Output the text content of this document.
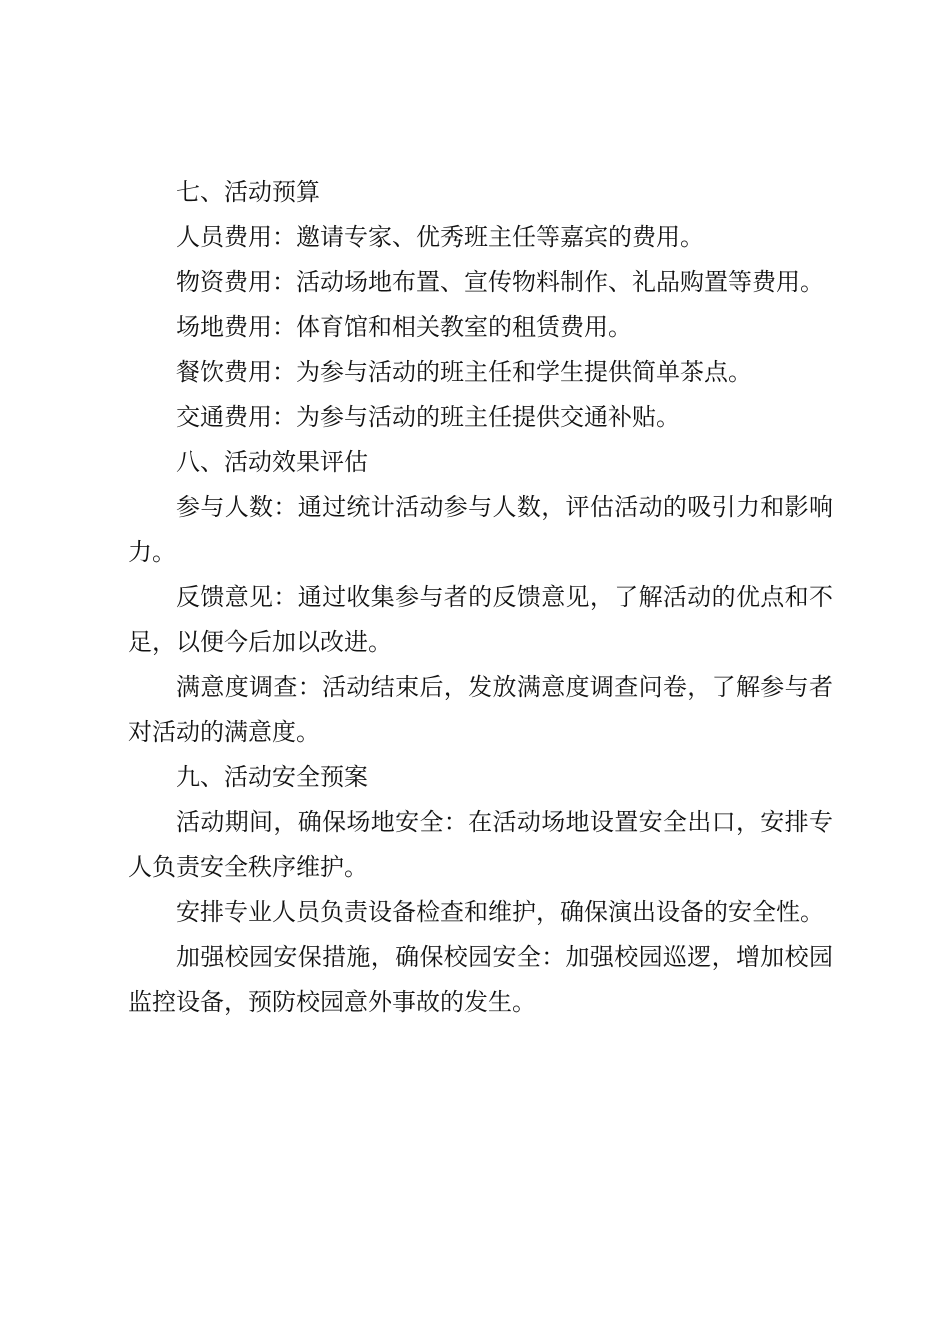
七、活动预算

人员费用：邀请专家、优秀班主任等嘉宾的费用。

物资费用：活动场地布置、宣传物料制作、礼品购置等费用。

场地费用：体育馆和相关教室的租赁费用。

餐饮费用：为参与活动的班主任和学生提供简单茶点。

交通费用：为参与活动的班主任提供交通补贴。

八、活动效果评估

参与人数：通过统计活动参与人数，评估活动的吸引力和影响力。

反馈意见：通过收集参与者的反馈意见，了解活动的优点和不足，以便今后加以改进。

满意度调查：活动结束后，发放满意度调查问卷，了解参与者对活动的满意度。

九、活动安全预案

活动期间，确保场地安全：在活动场地设置安全出口，安排专人负责安全秩序维护。

安排专业人员负责设备检查和维护，确保演出设备的安全性。

加强校园安保措施，确保校园安全：加强校园巡逻，增加校园监控设备，预防校园意外事故的发生。
